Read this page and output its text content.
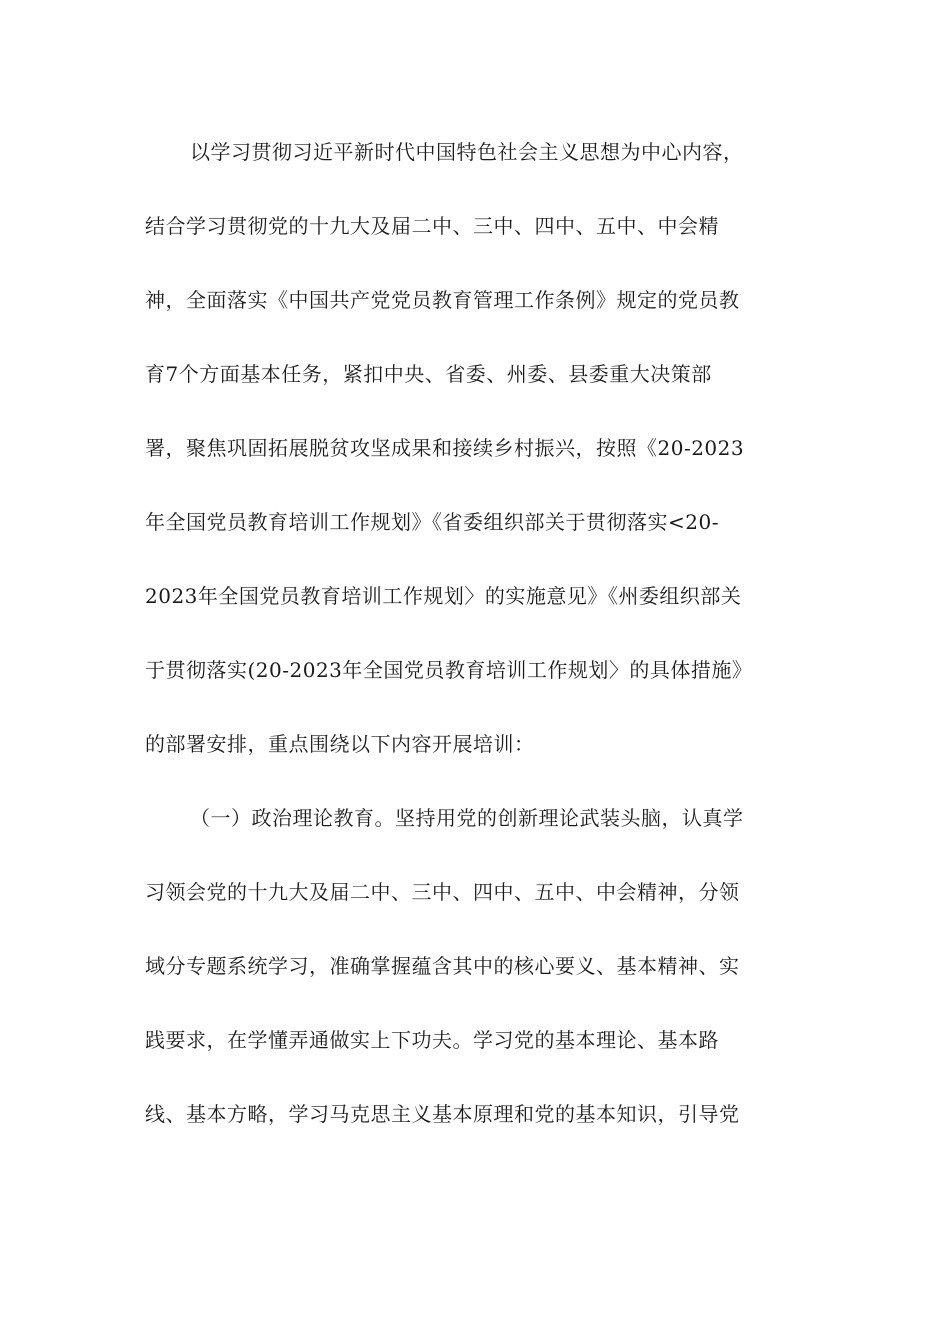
以学习贯彻习近平新时代中国特色社会主义思想为中心内容，
结合学习贯彻党的十九大及届二中、三中、四中、五中、中会精
神，全面落实《中国共产党党员教育管理工作条例》规定的党员教
育7个方面基本任务，紧扣中央、省委、州委、县委重大决策部
署，聚焦巩固拓展脱贫攻坚成果和接续乡村振兴，按照《20-2023
年全国党员教育培训工作规划》《省委组织部关于贯彻落实<20-
2023年全国党员教育培训工作规划〉的实施意见》《州委组织部关
于贯彻落实(20-2023年全国党员教育培训工作规划〉的具体措施》
的部署安排，重点围绕以下内容开展培训：
（一）政治理论教育。坚持用党的创新理论武装头脑，认真学
习领会党的十九大及届二中、三中、四中、五中、中会精神，分领
域分专题系统学习，准确掌握蕴含其中的核心要义、基本精神、实
践要求，在学懂弄通做实上下功夫。学习党的基本理论、基本路
线、基本方略，学习马克思主义基本原理和党的基本知识，引导党
